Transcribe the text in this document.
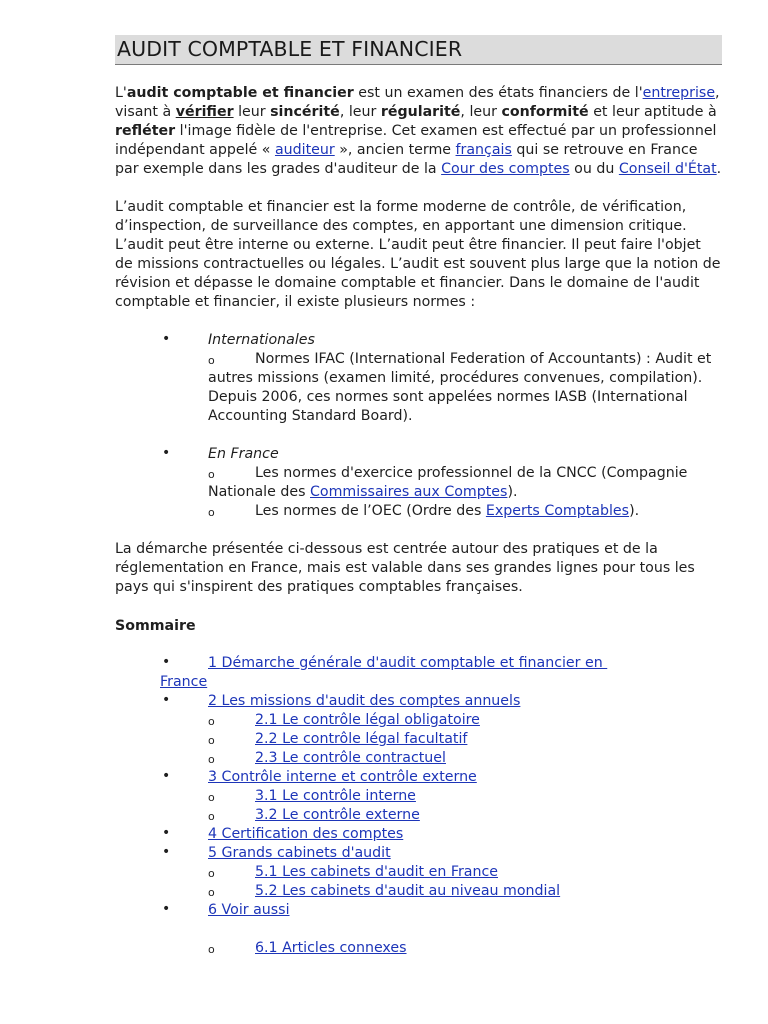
AUDIT COMPTABLE ET FINANCIER

L'audit comptable et financier est un examen des états financiers de l'entreprise, visant à vérifier leur sincérité, leur régularité, leur conformité et leur aptitude à refléter l'image fidèle de l'entreprise. Cet examen est effectué par un professionnel indépendant appelé « auditeur », ancien terme français qui se retrouve en France par exemple dans les grades d'auditeur de la Cour des comptes ou du Conseil d'État.

L’audit comptable et financier est la forme moderne de contrôle, de vérification, d’inspection, de surveillance des comptes, en apportant une dimension critique. L’audit peut être interne ou externe. L’audit peut être financier. Il peut faire l'objet de missions contractuelles ou légales. L’audit est souvent plus large que la notion de révision et dépasse le domaine comptable et financier. Dans le domaine de l'audit comptable et financier, il existe plusieurs normes :

•	Internationales
o	Normes IFAC (International Federation of Accountants) : Audit et autres missions (examen limité, procédures convenues, compilation). Depuis 2006, ces normes sont appelées normes IASB (International Accounting Standard Board).
•	En France
o	Les normes d'exercice professionnel de la CNCC (Compagnie Nationale des Commissaires aux Comptes).
o	Les normes de l’OEC (Ordre des Experts Comptables).

La démarche présentée ci-dessous est centrée autour des pratiques et de la réglementation en France, mais est valable dans ses grandes lignes pour tous les pays qui s'inspirent des pratiques comptables françaises.

Sommaire
•	1 Démarche générale d'audit comptable et financier en
France
•	2 Les missions d'audit des comptes annuels
o	2.1 Le contrôle légal obligatoire
o	2.2 Le contrôle légal facultatif
o	2.3 Le contrôle contractuel
•	3 Contrôle interne et contrôle externe
o	3.1 Le contrôle interne
o	3.2 Le contrôle externe
•	4 Certification des comptes
•	5 Grands cabinets d'audit
o	5.1 Les cabinets d'audit en France
o	5.2 Les cabinets d'audit au niveau mondial
•	6 Voir aussi
o	6.1 Articles connexes
